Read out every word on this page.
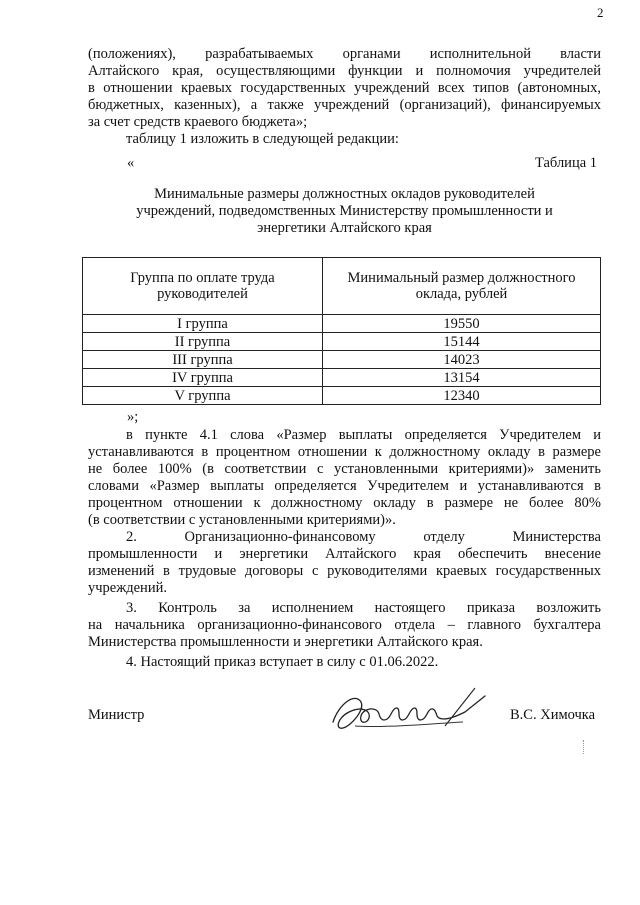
2
(положениях), разрабатываемых органами исполнительной власти
Алтайского края, осуществляющими функции и полномочия учредителей
в отношении краевых государственных учреждений всех типов (автономных,
бюджетных, казенных), а также учреждений (организаций), финансируемых
за счет средств краевого бюджета»;
таблицу 1 изложить в следующей редакции:
«	Таблица 1
Минимальные размеры должностных окладов руководителей
учреждений, подведомственных Министерству промышленности и
энергетики Алтайского края
Группа по оплате труда руководителей	Минимальный размер должностного оклада, рублей
I группа	19550
II группа	15144
III группа	14023
IV группа	13154
V группа	12340
»;
в пункте 4.1 слова «Размер выплаты определяется Учредителем и
устанавливаются в процентном отношении к должностному окладу в размере
не более 100% (в соответствии с установленными критериями)» заменить
словами «Размер выплаты определяется Учредителем и устанавливаются в
процентном отношении к должностному окладу в размере не более 80%
(в соответствии с установленными критериями)».
2. Организационно-финансовому отделу Министерства
промышленности и энергетики Алтайского края обеспечить внесение
изменений в трудовые договоры с руководителями краевых государственных
учреждений.
3. Контроль за исполнением настоящего приказа возложить
на начальника организационно-финансового отдела – главного бухгалтера
Министерства промышленности и энергетики Алтайского края.
4. Настоящий приказ вступает в силу с 01.06.2022.
Министр	В.С. Химочка
